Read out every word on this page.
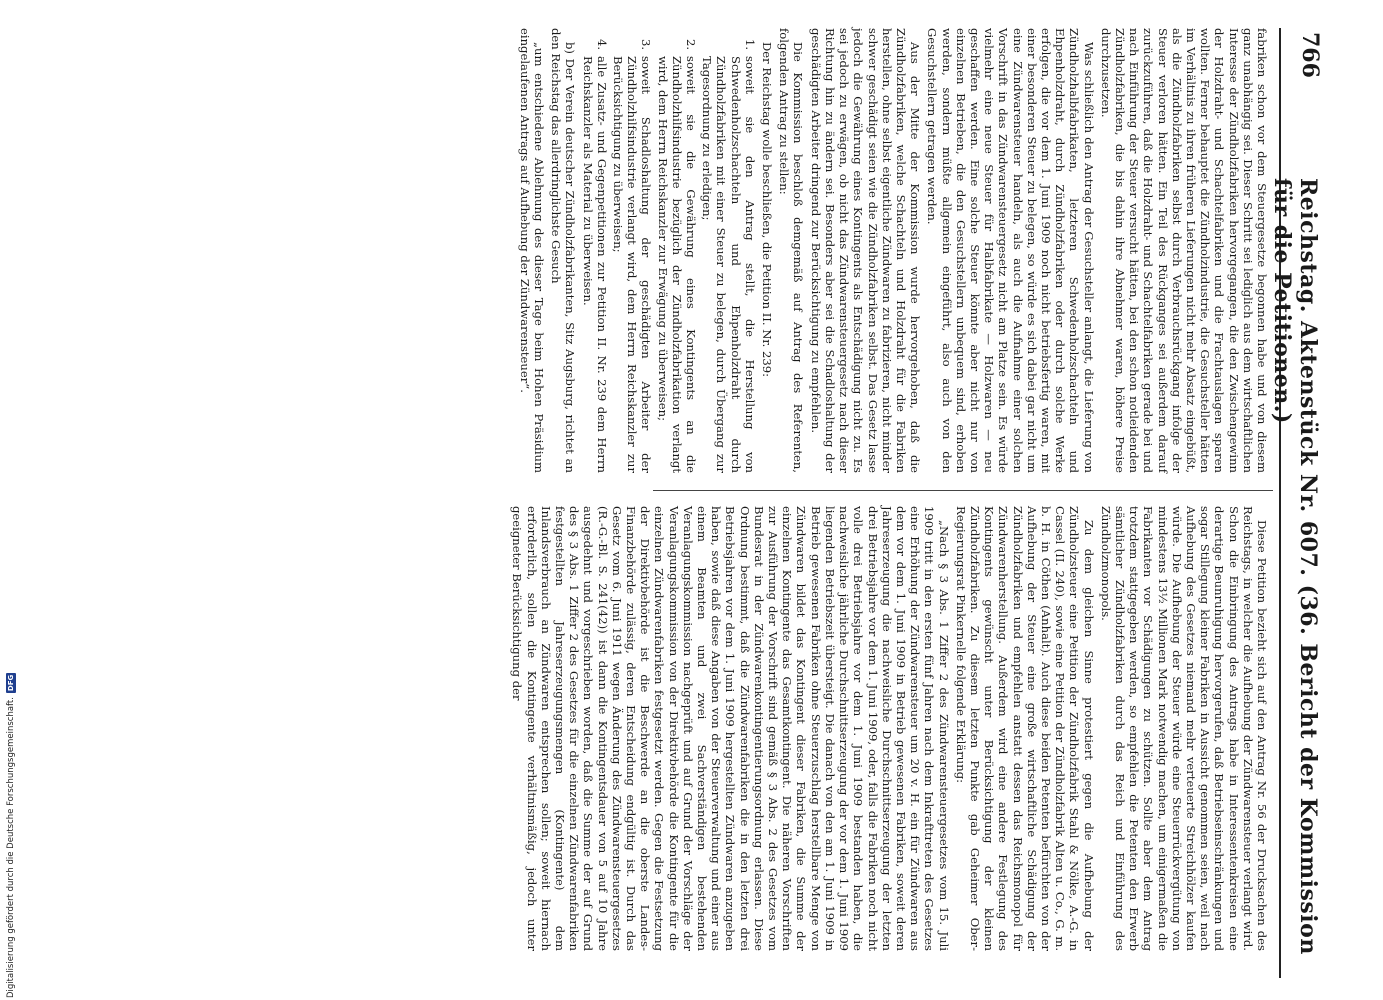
766
Reichstag. Aktenstück Nr. 607. (36. Bericht der Kommission für die Petitionen.)

fabriken schon vor dem Steuergesetze begonnen habe und von diesem ganz unabhängig sei. Dieser Schritt sei lediglich aus dem wirtschaftlichen Interesse der Zündholzfabriken hervorgegangen, die den Zwischengewinn der Holzdraht- und Schachtelfabriken und die Frachtauslagen sparen wollten. Ferner behauptet die Zündholzindustrie, die Gesuchsteller hätten im Verhältnis zu ihren früheren Lieferungen nicht mehr Absatz eingebüßt, als die Zündholzfabriken selbst durch Verbrauchsrückgang infolge der Steuer verloren hätten. Ein Teil des Rückganges sei außerdem darauf zurückzuführen, daß die Holzdraht- und Schachtelfabriken gerade bei und nach Einführung der Steuer versucht hätten, bei den schon notleidenden Zündholzfabriken, die bis dahin ihre Abnehmer waren, höhere Preise durchzusetzen.

Was schließlich den Antrag der Gesuchsteller anlangt, die Lieferung von Zündholzhalbfabrikaten, letzteren Schwedenholzschachteln und Ehpenholzdraht, durch Zündholzfabriken oder durch solche Werke erfolgen, die vor dem 1. Juni 1909 noch nicht betriebsfertig waren, mit einer besonderen Steuer zu belegen, so würde es sich dabei gar nicht um eine Zündwarensteuer handeln, als auch die Aufnahme einer solchen Vorschrift in das Zündwarensteuergesetz nicht am Platze sein. Es würde vielmehr eine neue Steuer für Halbfabrikate — Holzwaren — neu geschaffen werden. Eine solche Steuer könnte aber nicht nur von einzelnen Betrieben, die den Gesuchstellern unbequem sind, erhoben werden, sondern müßte allgemein eingeführt, also auch von den Gesuchstellern getragen werden.

Aus der Mitte der Kommission wurde hervorgehoben, daß die Zündholzfabriken, welche Schachteln und Holzdraht für die Fabriken herstellen, ohne selbst eigentliche Zündwaren zu fabrizieren, nicht minder schwer geschädigt seien wie die Zündholzfabriken selbst. Das Gesetz lasse jedoch die Gewährung eines Kontingents als Entschädigung nicht zu. Es sei jedoch zu erwägen, ob nicht das Zündwarensteuergesetz nach dieser Richtung hin zu ändern sei. Besonders aber sei die Schadloshaltung der geschädigten Arbeiter dringend zur Berücksichtigung zu empfehlen.

Die Kommission beschloß demgemäß auf Antrag des Referenten, folgenden Antrag zu stellen:

Der Reichstag wolle beschließen, die Petition II. Nr. 239:

1.
soweit sie den Antrag stellt, die Herstellung von Schwedenholzschachteln und Ehpenholzdraht durch Zündholzfabriken mit einer Steuer zu belegen, durch Übergang zur Tagesordnung zu erledigen;
2.
soweit sie die Gewährung eines Kontingents an die Zündholzhilfsindustrie bezüglich der Zündholzfabrikation verlangt wird, dem Herrn Reichskanzler zur Erwägung zu überweisen;
3.
soweit Schadloshaltung der geschädigten Arbeiter der Zündholzhilfsindustrie verlangt wird, dem Herrn Reichskanzler zur Berücksichtigung zu überweisen;
4.
alle Zusatz- und Gegenpetitionen zur Petition II. Nr. 239 dem Herrn Reichskanzler als Material zu überweisen.

b) Der Verein deutscher Zündholzfabrikanten, Sitz Augsburg, richtet an den Reichstag das allerdringlichste Gesuch

„um entschiedene Ablehnung des dieser Tage beim Hohen Präsidium eingelaufenen Antrags auf Aufhebung der Zündwarensteuer“.

Diese Petition bezieht sich auf den Antrag Nr. 56 der Drucksachen des Reichstags, in welcher die Aufhebung der Zündwarensteuer verlangt wird. Schon die Einbringung des Antrags habe in Interessentenkreisen eine derartige Beunruhigung hervorgerufen, daß Betriebseinschränkungen und sogar Stillegung kleiner Fabriken in Aussicht genommen seien, weil nach Aufhebung des Gesetzes niemand mehr verteuerte Streichhölzer kaufen würde. Die Aufhebung der Steuer würde eine Steuerrückvergütung von mindestens 13½ Millionen Mark notwendig machen, um einigermaßen die Fabrikanten vor Schädigungen zu schützen. Sollte aber dem Antrag trotzdem stattgegeben werden, so empfehlen die Petenten den Erwerb sämtlicher Zündholzfabriken durch das Reich und Einführung des Zündholzmonopols.

Zu dem gleichen Sinne protestiert gegen die Aufhebung der Zündholzsteuer eine Petition der Zündholzfabrik Stahl & Nölke, A.-G. in Cassel (II. 240), sowie eine Petition der Zündholzfabrik Alten u. Co., G. m. b. H. in Cöthen (Anhalt). Auch diese beiden Petenten befürchten von der Aufhebung der Steuer eine große wirtschaftliche Schädigung der Zündholzfabriken und empfehlen anstatt dessen das Reichsmonopol für Zündwarenherstellung. Außerdem wird eine andere Festlegung des Kontingents gewünscht unter Berücksichtigung der kleinen Zündholzfabriken. Zu diesem letzten Punkte gab Geheimer Ober-Regierungsrat Pinkernelle folgende Erklärung:

„Nach § 3 Abs. 1 Ziffer 2 des Zündwarensteuergesetzes vom 15. Juli 1909 tritt in den ersten fünf Jahren nach dem Inkrafttreten des Gesetzes eine Erhöhung der Zündwarensteuer um 20 v. H. ein für Zündwaren aus dem vor dem 1. Juni 1909 in Betrieb gewesenen Fabriken, soweit deren Jahreserzeugung die nachweisliche Durchschnittserzeugung der letzten drei Betriebsjahre vor dem 1. Juni 1909, oder, falls die Fabriken noch nicht volle drei Betriebsjahre vor dem 1. Juni 1909 bestanden haben, die nachweisliche jährliche Durchschnittserzeugung der vor dem 1. Juni 1909 liegenden Betriebszeit übersteigt. Die danach von den am 1. Juni 1909 in Betrieb gewesenen Fabriken ohne Steuerzuschlag herstellbare Menge von Zündwaren bildet das Kontingent dieser Fabriken, die Summe der einzelnen Kontingente das Gesamtkontingent. Die näheren Vorschriften zur Ausführung der Vorschrift sind gemäß § 3 Abs. 2 des Gesetzes vom Bundesrat in der Zündwarenkontingentierungsordnung erlassen. Diese Ordnung bestimmt, daß die Zündwarenfabriken die in den letzten drei Betriebsjahren vor dem 1. Juni 1909 hergestellten Zündwaren anzugeben haben, sowie daß diese Angaben von der Steuerverwaltung und einer aus einem Beamten und zwei Sachverständigen bestehenden Veranlagungskommission nachgeprüft und auf Grund der Vorschläge der Veranlagungskommission von der Direktivbehörde die Kontingente für die einzelnen Zündwarenfabriken festgesetzt werden. Gegen die Festsetzung der Direktivbehörde ist die Beschwerde an die oberste Landes-Finanzbehörde zulässig, deren Entscheidung endgültig ist. Durch das Gesetz vom 6. Juni 1911 wegen Änderung des Zündwarensteuergesetzes (R.-G.-Bl. S. 241(42)) ist dann die Kontingentsdauer von 5 auf 10 Jahre ausgedehnt und vorgeschrieben worden, daß die Summe der auf Grund des § 3 Abs. 1 Ziffer 2 des Gesetzes für die einzelnen Zündwarenfabriken festgestellten Jahreserzeugungsmengen (Kontingente) dem Inlandsverbrauch an Zündwaren entsprechen sollen; soweit hiernach erforderlich, sollen die Kontingente verhältnismäßig, jedoch unter geeigneter Berücksichtigung der

Digitalisierung gefördert durch die Deutsche Forschungsgemeinschaft.
DFG
